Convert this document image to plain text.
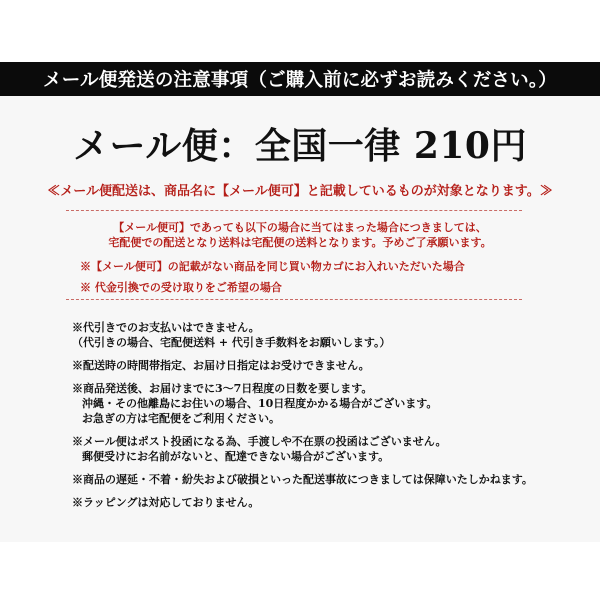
メール便発送の注意事項（ご購入前に必ずお読みください。）
メール便：全国一律 210円
≪メール便配送は、商品名に【メール便可】と記載しているものが対象となります。≫
【メール便可】であっても以下の場合に当てはまった場合につきましては、
宅配便での配送となり送料は宅配便の送料となります。予めご了承願います。
※【メール便可】の記載がない商品を同じ買い物カゴにお入れいただいた場合
※ 代金引換での受け取りをご希望の場合
※代引きでのお支払いはできません。
（代引きの場合、宅配便送料 + 代引き手数料をお願いします。）
※配送時の時間帯指定、お届け日指定はお受けできません。
※商品発送後、お届けまでに3～7日程度の日数を要します。
沖縄・その他離島にお住いの場合、10日程度かかる場合がございます。
お急ぎの方は宅配便をご利用ください。
※メール便はポスト投函になる為、手渡しや不在票の投函はございません。
郵便受けにお名前がないと、配達できない場合がございます。
※商品の遅延・不着・紛失および破損といった配送事故につきましては保障いたしかねます。
※ラッピングは対応しておりません。
